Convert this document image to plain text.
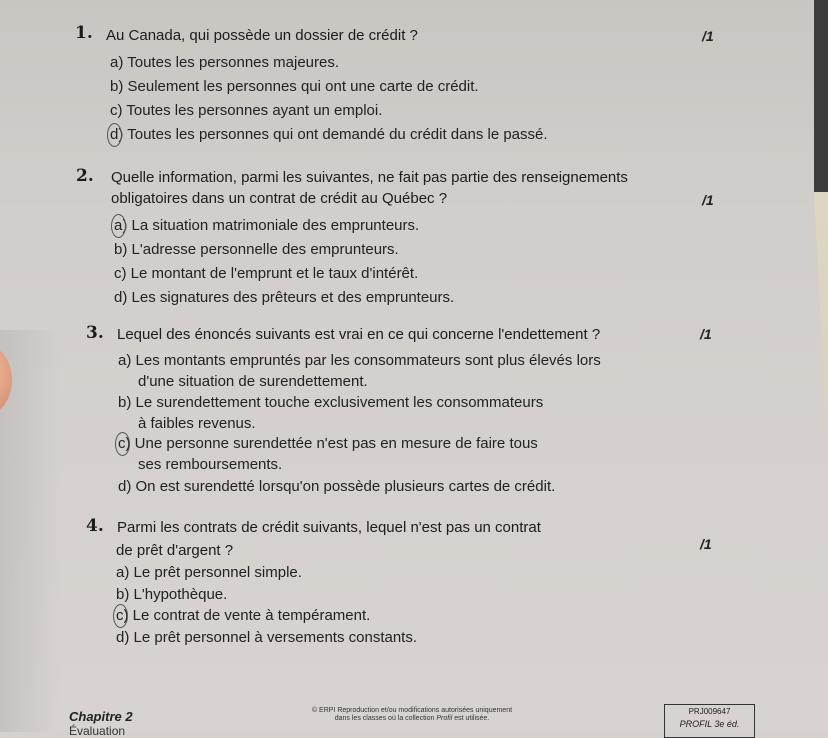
1. Au Canada, qui possède un dossier de crédit ?	/1
a) Toutes les personnes majeures.
b) Seulement les personnes qui ont une carte de crédit.
c) Toutes les personnes ayant un emploi.
d) Toutes les personnes qui ont demandé du crédit dans le passé.
2. Quelle information, parmi les suivantes, ne fait pas partie des renseignements
obligatoires dans un contrat de crédit au Québec ?	/1
a) La situation matrimoniale des emprunteurs.
b) L'adresse personnelle des emprunteurs.
c) Le montant de l'emprunt et le taux d'intérêt.
d) Les signatures des prêteurs et des emprunteurs.
3. Lequel des énoncés suivants est vrai en ce qui concerne l'endettement ?	/1
a) Les montants empruntés par les consommateurs sont plus élevés lors
d'une situation de surendettement.
b) Le surendettement touche exclusivement les consommateurs
à faibles revenus.
c) Une personne surendettée n'est pas en mesure de faire tous
ses remboursements.
d) On est surendetté lorsqu'on possède plusieurs cartes de crédit.
4. Parmi les contrats de crédit suivants, lequel n'est pas un contrat
de prêt d'argent ?	/1
a) Le prêt personnel simple.
b) L'hypothèque.
c) Le contrat de vente à tempérament.
d) Le prêt personnel à versements constants.
Chapitre 2
Évaluation
© ERPI Reproduction et/ou modifications autorisées uniquement
dans les classes où la collection Profil est utilisée.
PRJ009647
PROFIL 3e éd.
